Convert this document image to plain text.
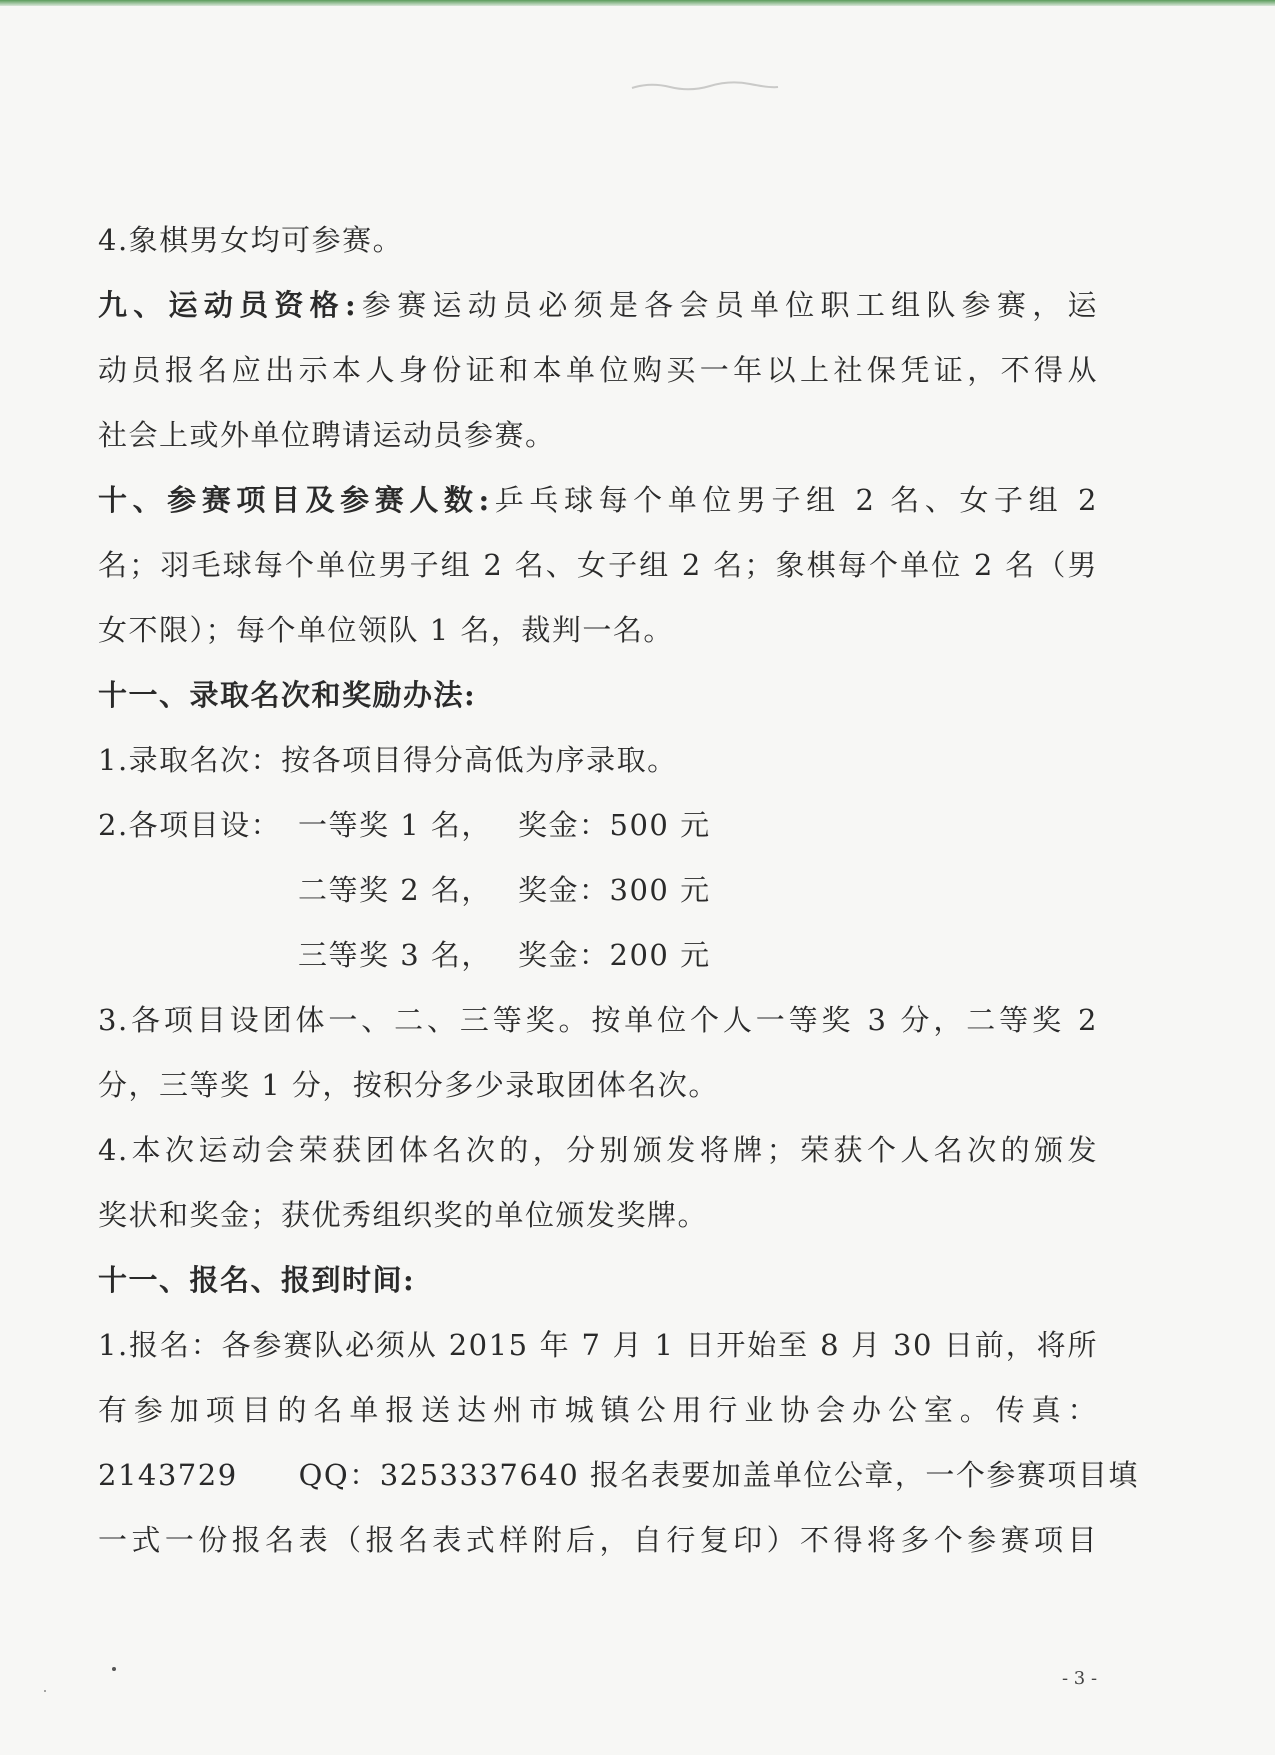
4.象棋男女均可参赛。
九、运动员资格:参赛运动员必须是各会员单位职工组队参赛，运
动员报名应出示本人身份证和本单位购买一年以上社保凭证，不得从
社会上或外单位聘请运动员参赛。
十、参赛项目及参赛人数:乒乓球每个单位男子组 2 名、女子组 2
名；羽毛球每个单位男子组 2 名、女子组 2 名；象棋每个单位 2 名（男
女不限）；每个单位领队 1 名，裁判一名。
十一、录取名次和奖励办法:
1.录取名次：按各项目得分高低为序录取。
2.各项目设： 一等奖 1 名， 奖金：500 元
二等奖 2 名， 奖金：300 元
三等奖 3 名， 奖金：200 元
3.各项目设团体一、二、三等奖。按单位个人一等奖 3 分，二等奖 2
分，三等奖 1 分，按积分多少录取团体名次。
4.本次运动会荣获团体名次的，分别颁发将牌；荣获个人名次的颁发
奖状和奖金；获优秀组织奖的单位颁发奖牌。
十一、报名、报到时间:
1.报名：各参赛队必须从 2015 年 7 月 1 日开始至 8 月 30 日前，将所
有参加项目的名单报送达州市城镇公用行业协会办公室。传真：
2143729　　QQ：3253337640 报名表要加盖单位公章，一个参赛项目填
一式一份报名表（报名表式样附后，自行复印）不得将多个参赛项目
- 3 -
